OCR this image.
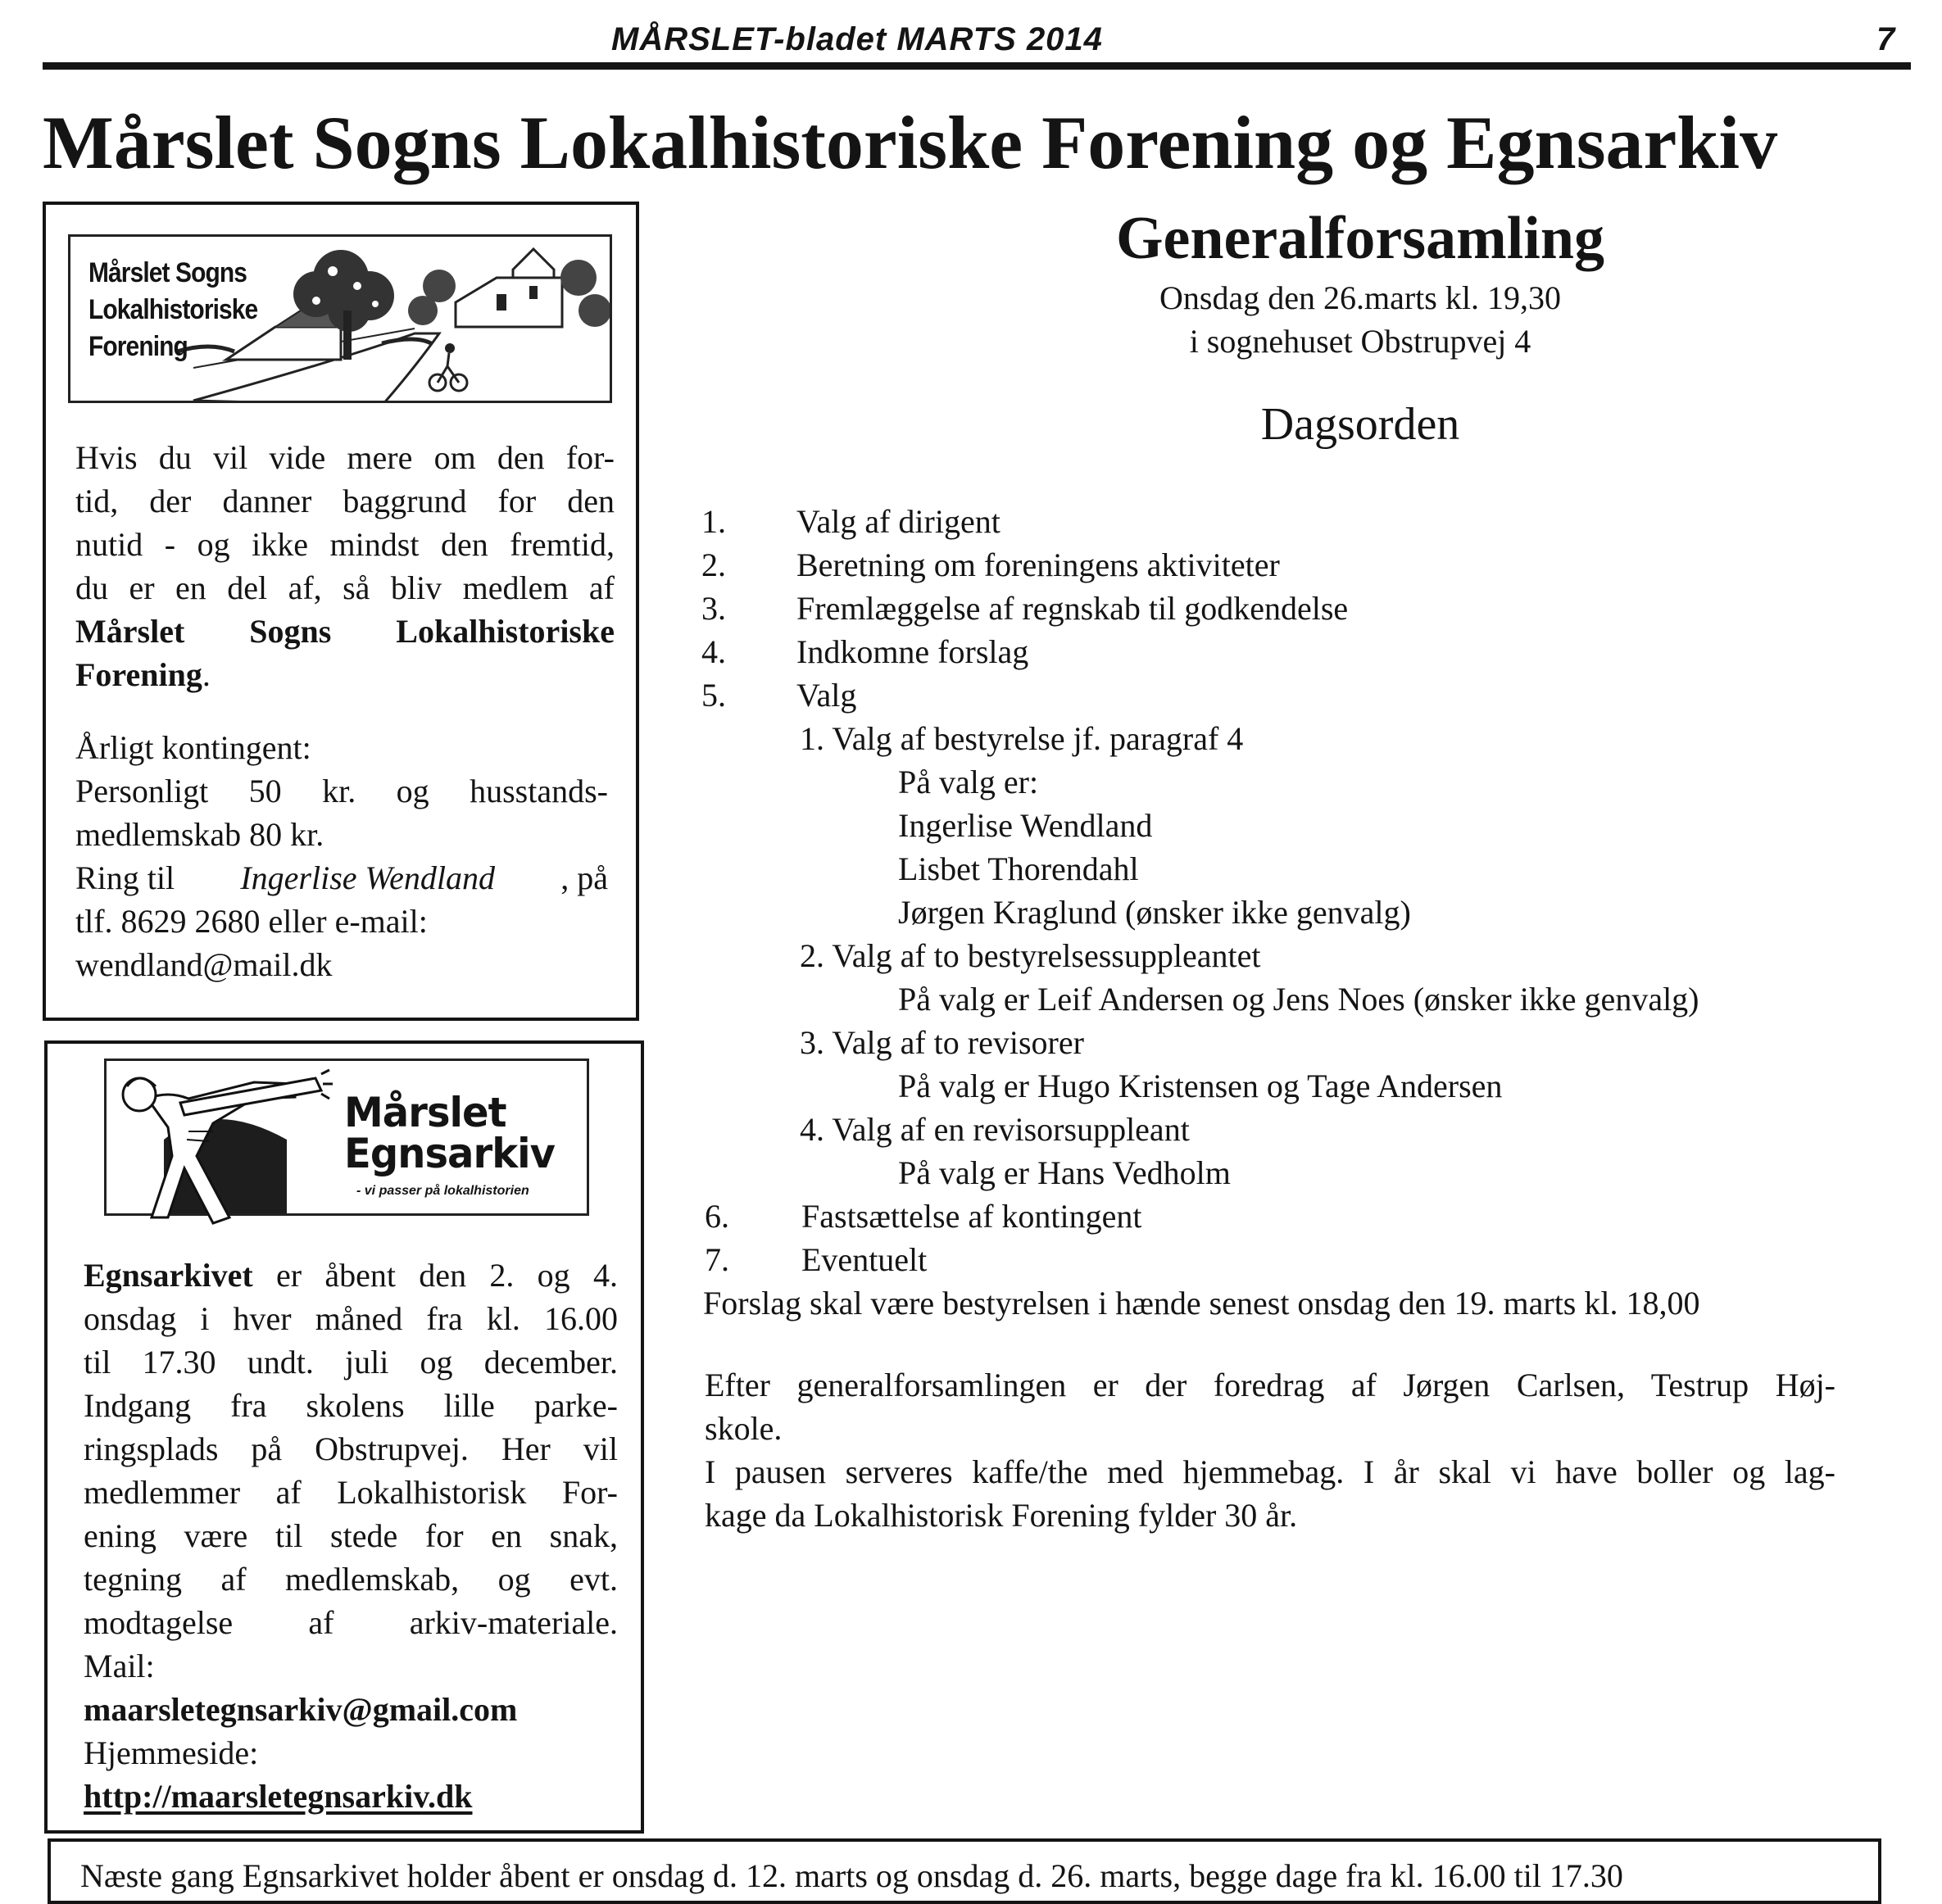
MÅRSLET-bladet MARTS 2014	7
Mårslet Sogns Lokalhistoriske Forening og Egnsarkiv
Mårslet Sogns
Lokalhistoriske
Forening
Hvis du vil vide mere om den for-
tid, der danner baggrund for den
nutid - og ikke mindst den fremtid,
du er en del af, så bliv medlem af
Mårslet Sogns Lokalhistoriske
Forening.
Årligt kontingent:
Personligt 50 kr. og husstands-
medlemskab 80 kr.
Ring til Ingerlise Wendland , på
tlf. 8629 2680 eller e-mail:
wendland@mail.dk
Mårslet
Egnsarkiv
- vi passer på lokalhistorien
Egnsarkivet er åbent den 2. og 4.
onsdag i hver måned fra kl. 16.00
til 17.30 undt. juli og december.
Indgang fra skolens lille parke-
ringsplads på Obstrupvej. Her vil
medlemmer af Lokalhistorisk For-
ening være til stede for en snak,
tegning af medlemskab, og evt.
modtagelse af arkiv-materiale.
Mail:
maarsletegnsarkiv@gmail.com
Hjemmeside:
http://maarsletegnsarkiv.dk
Generalforsamling
Onsdag den 26.marts kl. 19,30
i sognehuset Obstrupvej 4
Dagsorden
1. Valg af dirigent
2. Beretning om foreningens aktiviteter
3. Fremlæggelse af regnskab til godkendelse
4. Indkomne forslag
5. Valg
1. Valg af bestyrelse jf. paragraf 4
På valg er:
Ingerlise Wendland
Lisbet Thorendahl
Jørgen Kraglund (ønsker ikke genvalg)
2. Valg af to bestyrelsessuppleantet
På valg er Leif Andersen og Jens Noes (ønsker ikke genvalg)
3. Valg af to revisorer
På valg er Hugo Kristensen og Tage Andersen
4. Valg af en revisorsuppleant
På valg er Hans Vedholm
6. Fastsættelse af kontingent
7. Eventuelt
Forslag skal være bestyrelsen i hænde senest onsdag den 19. marts kl. 18,00
Efter generalforsamlingen er der foredrag af Jørgen Carlsen, Testrup Høj-
skole.
I pausen serveres kaffe/the med hjemmebag. I år skal vi have boller og lag-
kage da Lokalhistorisk Forening fylder 30 år.
Næste gang Egnsarkivet holder åbent er onsdag d. 12. marts og onsdag d. 26. marts, begge dage fra kl. 16.00 til 17.30
